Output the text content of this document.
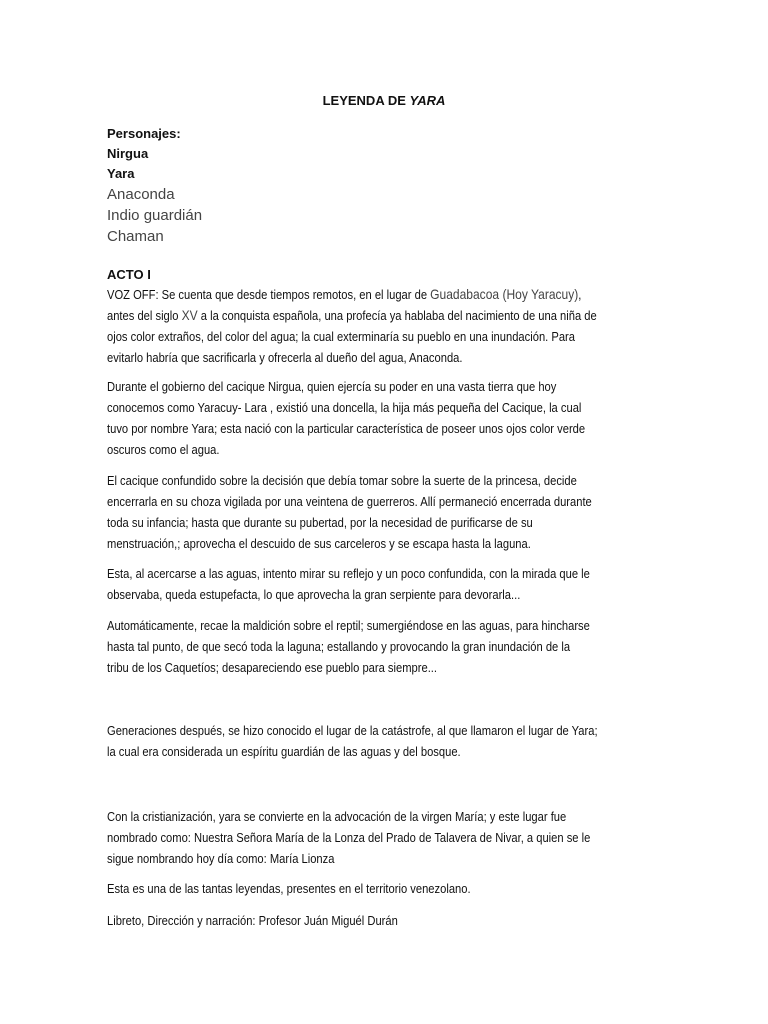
LEYENDA DE YARA
Personajes:
Nirgua
Yara
Anaconda
Indio guardián
Chaman
ACTO I
VOZ OFF: Se cuenta que desde tiempos remotos, en el lugar de Guadabacoa (Hoy Yaracuy),
antes del siglo XV a la conquista española, una profecía ya hablaba del nacimiento de una niña de
ojos color extraños, del color del agua; la cual exterminaría su pueblo en una inundación. Para
evitarlo habría que sacrificarla y ofrecerla al dueño del agua, Anaconda.
Durante el gobierno del cacique Nirgua, quien ejercía su poder en una vasta tierra que hoy
conocemos como Yaracuy- Lara , existió una doncella, la hija más pequeña del Cacique, la cual
tuvo por nombre Yara; esta nació con la particular característica de poseer unos ojos color verde
oscuros como el agua.
El cacique confundido sobre la decisión que debía tomar sobre la suerte de la princesa, decide
encerrarla en su choza vigilada por una veintena de guerreros. Allí permaneció encerrada durante
toda su infancia; hasta que durante su pubertad, por la necesidad de purificarse de su
menstruación,; aprovecha el descuido de sus carceleros y se escapa hasta la laguna.
Esta, al acercarse a las aguas, intento mirar su reflejo y un poco confundida, con la mirada que le
observaba, queda estupefacta, lo que aprovecha la gran serpiente para devorarla...
Automáticamente, recae la maldición sobre el reptil; sumergiéndose en las aguas, para hincharse
hasta tal punto, de que secó toda la laguna; estallando y provocando la gran inundación de la
tribu de los Caquetíos; desapareciendo ese pueblo para siempre...
Generaciones después, se hizo conocido el lugar de la catástrofe, al que llamaron el lugar de Yara;
la cual era considerada un espíritu guardián de las aguas y del bosque.
Con la cristianización, yara se convierte en la advocación de la virgen María; y este lugar fue
nombrado como: Nuestra Señora María de la Lonza del Prado de Talavera de Nivar, a quien se le
sigue nombrando hoy día como: María Lionza
Esta es una de las tantas leyendas, presentes en el territorio venezolano.
Libreto, Dirección y narración: Profesor Juán Miguél Durán
